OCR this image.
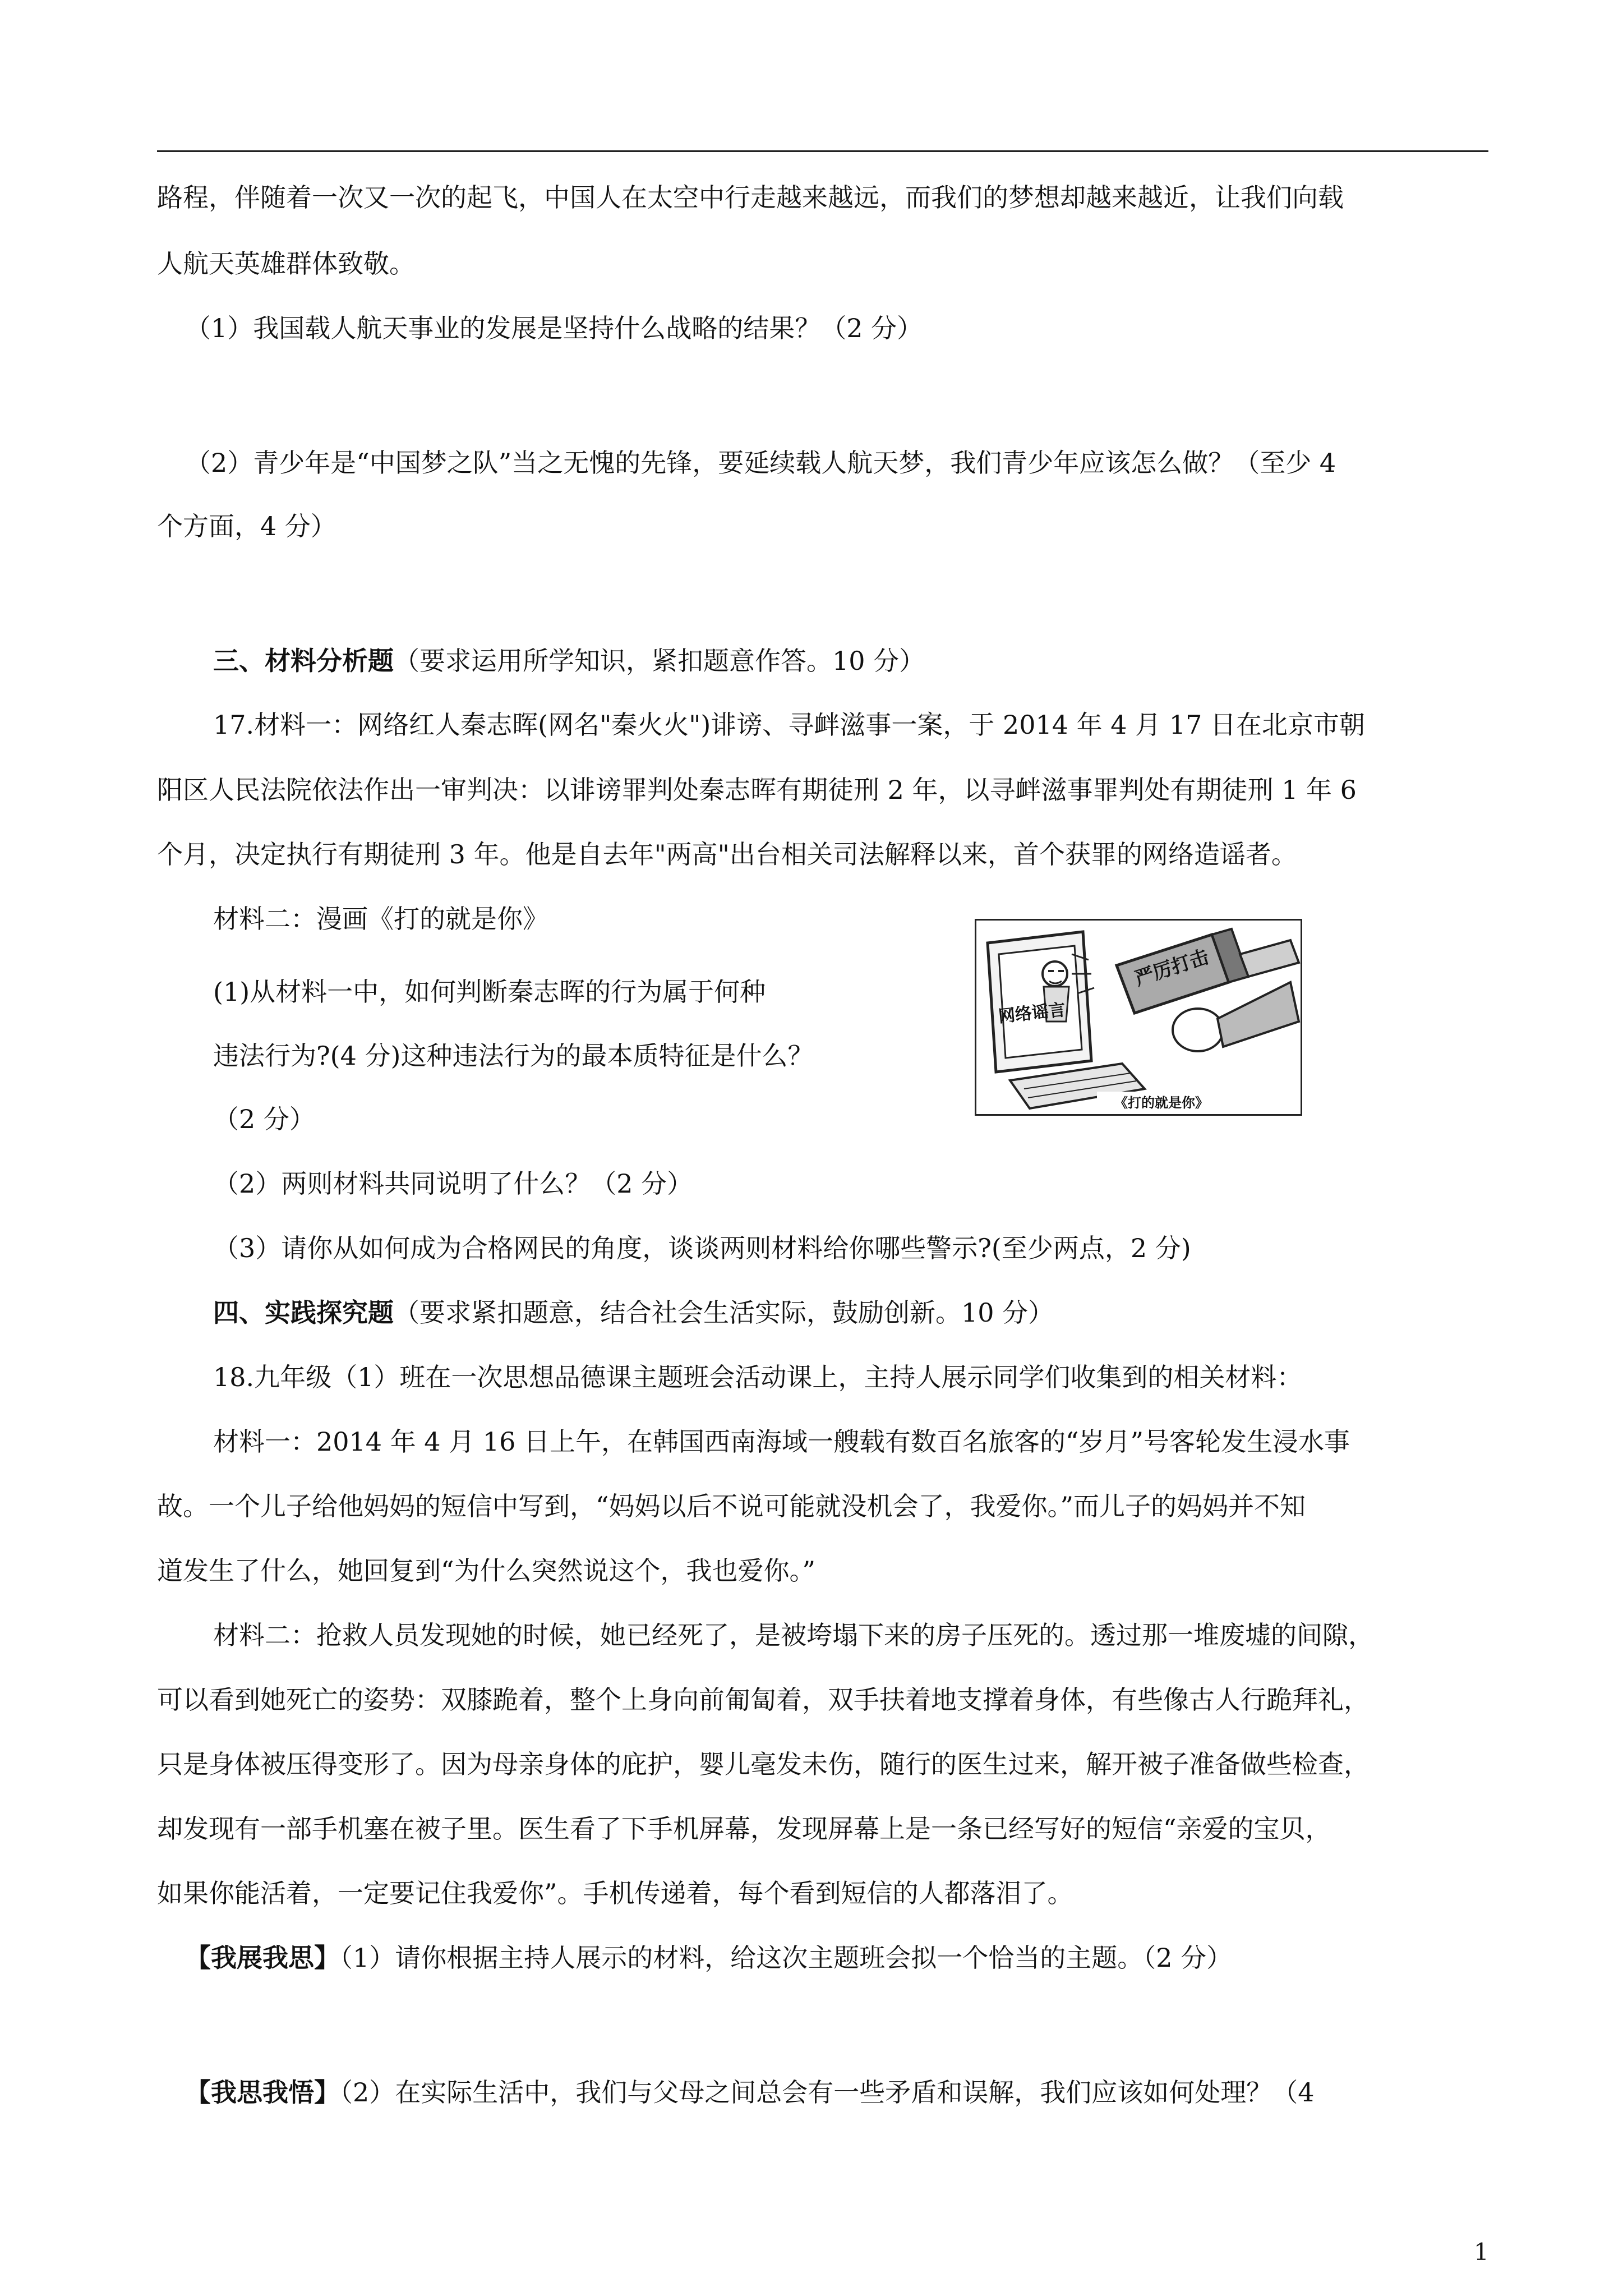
路程，伴随着一次又一次的起飞，中国人在太空中行走越来越远，而我们的梦想却越来越近，让我们向载

人航天英雄群体致敬。

（1）我国载人航天事业的发展是坚持什么战略的结果？（2 分）

（2）青少年是“中国梦之队”当之无愧的先锋，要延续载人航天梦，我们青少年应该怎么做？（至少 4

个方面，4 分）

三、材料分析题（要求运用所学知识，紧扣题意作答。10 分）

17.材料一：网络红人秦志晖(网名"秦火火")诽谤、寻衅滋事一案，于 2014 年 4 月 17 日在北京市朝

阳区人民法院依法作出一审判决：以诽谤罪判处秦志晖有期徒刑 2 年，以寻衅滋事罪判处有期徒刑 1 年 6

个月，决定执行有期徒刑 3 年。他是自去年"两高"出台相关司法解释以来，首个获罪的网络造谣者。

材料二：漫画《打的就是你》

(1)从材料一中，如何判断秦志晖的行为属于何种

违法行为?(4 分)这种违法行为的最本质特征是什么？

（2 分）

（2）两则材料共同说明了什么？（2 分）

（3）请你从如何成为合格网民的角度，谈谈两则材料给你哪些警示?(至少两点，2 分)

四、实践探究题（要求紧扣题意，结合社会生活实际，鼓励创新。10 分）

18.九年级（1）班在一次思想品德课主题班会活动课上，主持人展示同学们收集到的相关材料：

材料一：2014 年 4 月 16 日上午，在韩国西南海域一艘载有数百名旅客的“岁月”号客轮发生浸水事

故。一个儿子给他妈妈的短信中写到，“妈妈以后不说可能就没机会了，我爱你。”而儿子的妈妈并不知

道发生了什么，她回复到“为什么突然说这个，我也爱你。”

材料二：抢救人员发现她的时候，她已经死了，是被垮塌下来的房子压死的。透过那一堆废墟的间隙，

可以看到她死亡的姿势：双膝跪着，整个上身向前匍匐着，双手扶着地支撑着身体，有些像古人行跪拜礼，

只是身体被压得变形了。因为母亲身体的庇护，婴儿毫发未伤，随行的医生过来，解开被子准备做些检查，

却发现有一部手机塞在被子里。医生看了下手机屏幕，发现屏幕上是一条已经写好的短信“亲爱的宝贝，

如果你能活着，一定要记住我爱你”。手机传递着，每个看到短信的人都落泪了。

【我展我思】（1）请你根据主持人展示的材料，给这次主题班会拟一个恰当的主题。（2 分）

【我思我悟】（2）在实际生活中，我们与父母之间总会有一些矛盾和误解，我们应该如何处理？（4

《打的就是你》
严厉打击
网络谣言
1
